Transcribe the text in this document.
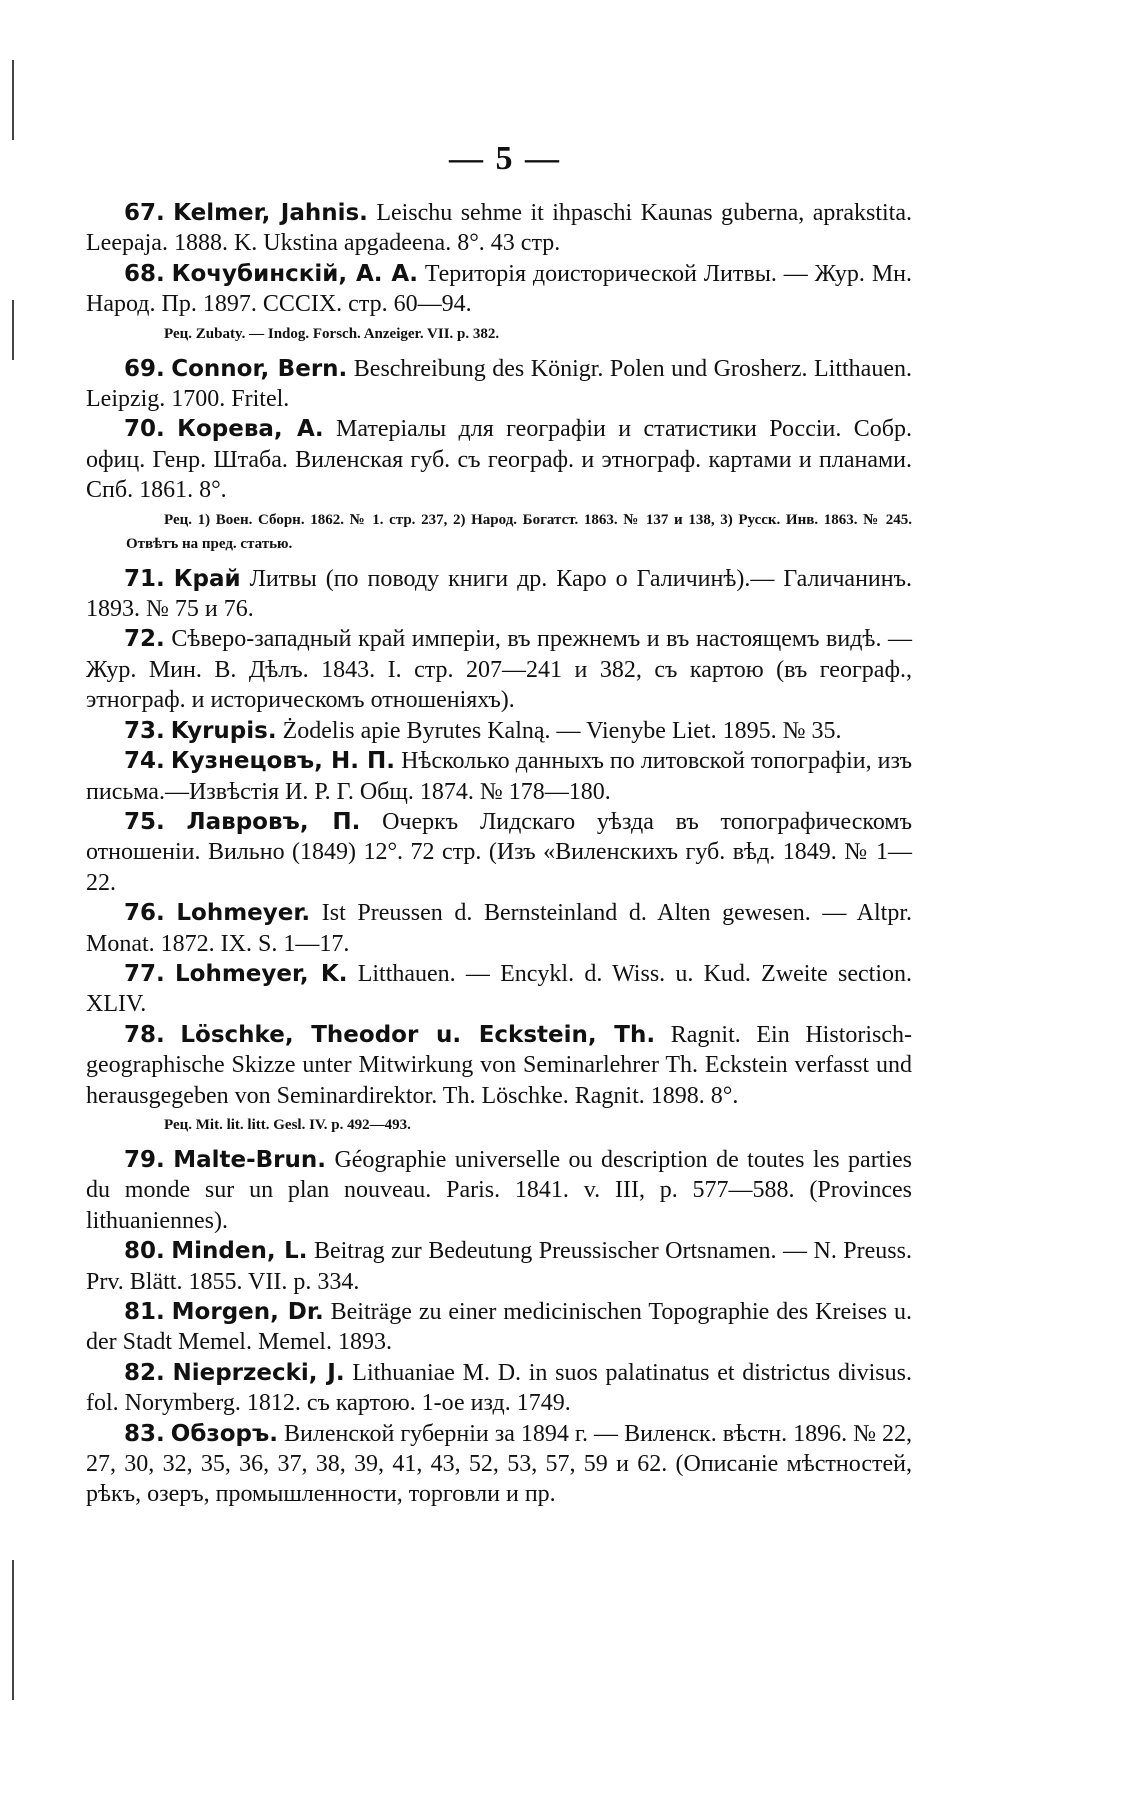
— 5 —
67. Kelmer, Jahnis. Leischu sehme it ihpaschi Kaunas guberna, aprakstita. Leepaja. 1888. K. Ukstina apgadeena. 8°. 43 стр.
68. Кочубинскій, А. А. Територія доисторической Литвы. — Жур. Мн. Народ. Пр. 1897. CCCIX. стр. 60—94.
Рец. Zubaty. — Indog. Forsch. Anzeiger. VII. p. 382.
69. Connor, Bern. Beschreibung des Königr. Polen und Grosherz. Litthauen. Leipzig. 1700. Fritel.
70. Корева, А. Матеріалы для географіи и статистики Россіи. Собр. офиц. Генр. Штаба. Виленская губ. съ географ. и этнограф. картами и планами. Спб. 1861. 8°.
Рец. 1) Воен. Сборн. 1862. № 1. стр. 237, 2) Народ. Богатст. 1863. № 137 и 138, 3) Русск. Инв. 1863. № 245. Отвѣтъ на пред. статью.
71. Край Литвы (по поводу книги др. Каро о Галичинѣ).— Галичанинъ. 1893. № 75 и 76.
72. Сѣверо-западный край имперіи, въ прежнемъ и въ настоящемъ видѣ. — Жур. Мин. В. Дѣлъ. 1843. I. стр. 207—241 и 382, съ картою (въ географ., этнограф. и историческомъ отношеніяхъ).
73. Kyrupis. Żodelis apie Byrutes Kalną. — Vienybe Liet. 1895. № 35.
74. Кузнецовъ, Н. П. Нѣсколько данныхъ по литовской топографіи, изъ письма.—Извѣстія И. Р. Г. Общ. 1874. № 178—180.
75. Лавровъ, П. Очеркъ Лидскаго уѣзда въ топографическомъ отношеніи. Вильно (1849) 12°. 72 стр. (Изъ «Виленскихъ губ. вѣд. 1849. № 1—22.
76. Lohmeyer. Ist Preussen d. Bernsteinland d. Alten gewesen. — Altpr. Monat. 1872. IX. S. 1—17.
77. Lohmeyer, K. Litthauen. — Encykl. d. Wiss. u. Kud. Zweite section. XLIV.
78. Löschke, Theodor u. Eckstein, Th. Ragnit. Ein Historisch-geographische Skizze unter Mitwirkung von Seminarlehrer Th. Eckstein verfasst und herausgegeben von Seminardirektor. Th. Löschke. Ragnit. 1898. 8°.
Рец. Mit. lit. litt. Gesl. IV. p. 492—493.
79. Malte-Brun. Géographie universelle ou description de toutes les parties du monde sur un plan nouveau. Paris. 1841. v. III, p. 577—588. (Provinces lithuaniennes).
80. Minden, L. Beitrag zur Bedeutung Preussischer Ortsnamen. — N. Preuss. Prv. Blätt. 1855. VII. p. 334.
81. Morgen, Dr. Beiträge zu einer medicinischen Topographie des Kreises u. der Stadt Memel. Memel. 1893.
82. Nieprzecki, J. Lithuaniae M. D. in suos palatinatus et districtus divisus. fol. Norymberg. 1812. съ картою. 1-ое изд. 1749.
83. Обзоръ. Виленской губерніи за 1894 г. — Виленск. вѣстн. 1896. № 22, 27, 30, 32, 35, 36, 37, 38, 39, 41, 43, 52, 53, 57, 59 и 62. (Описаніе мѣстностей, рѣкъ, озеръ, промышленности, торговли и пр.
